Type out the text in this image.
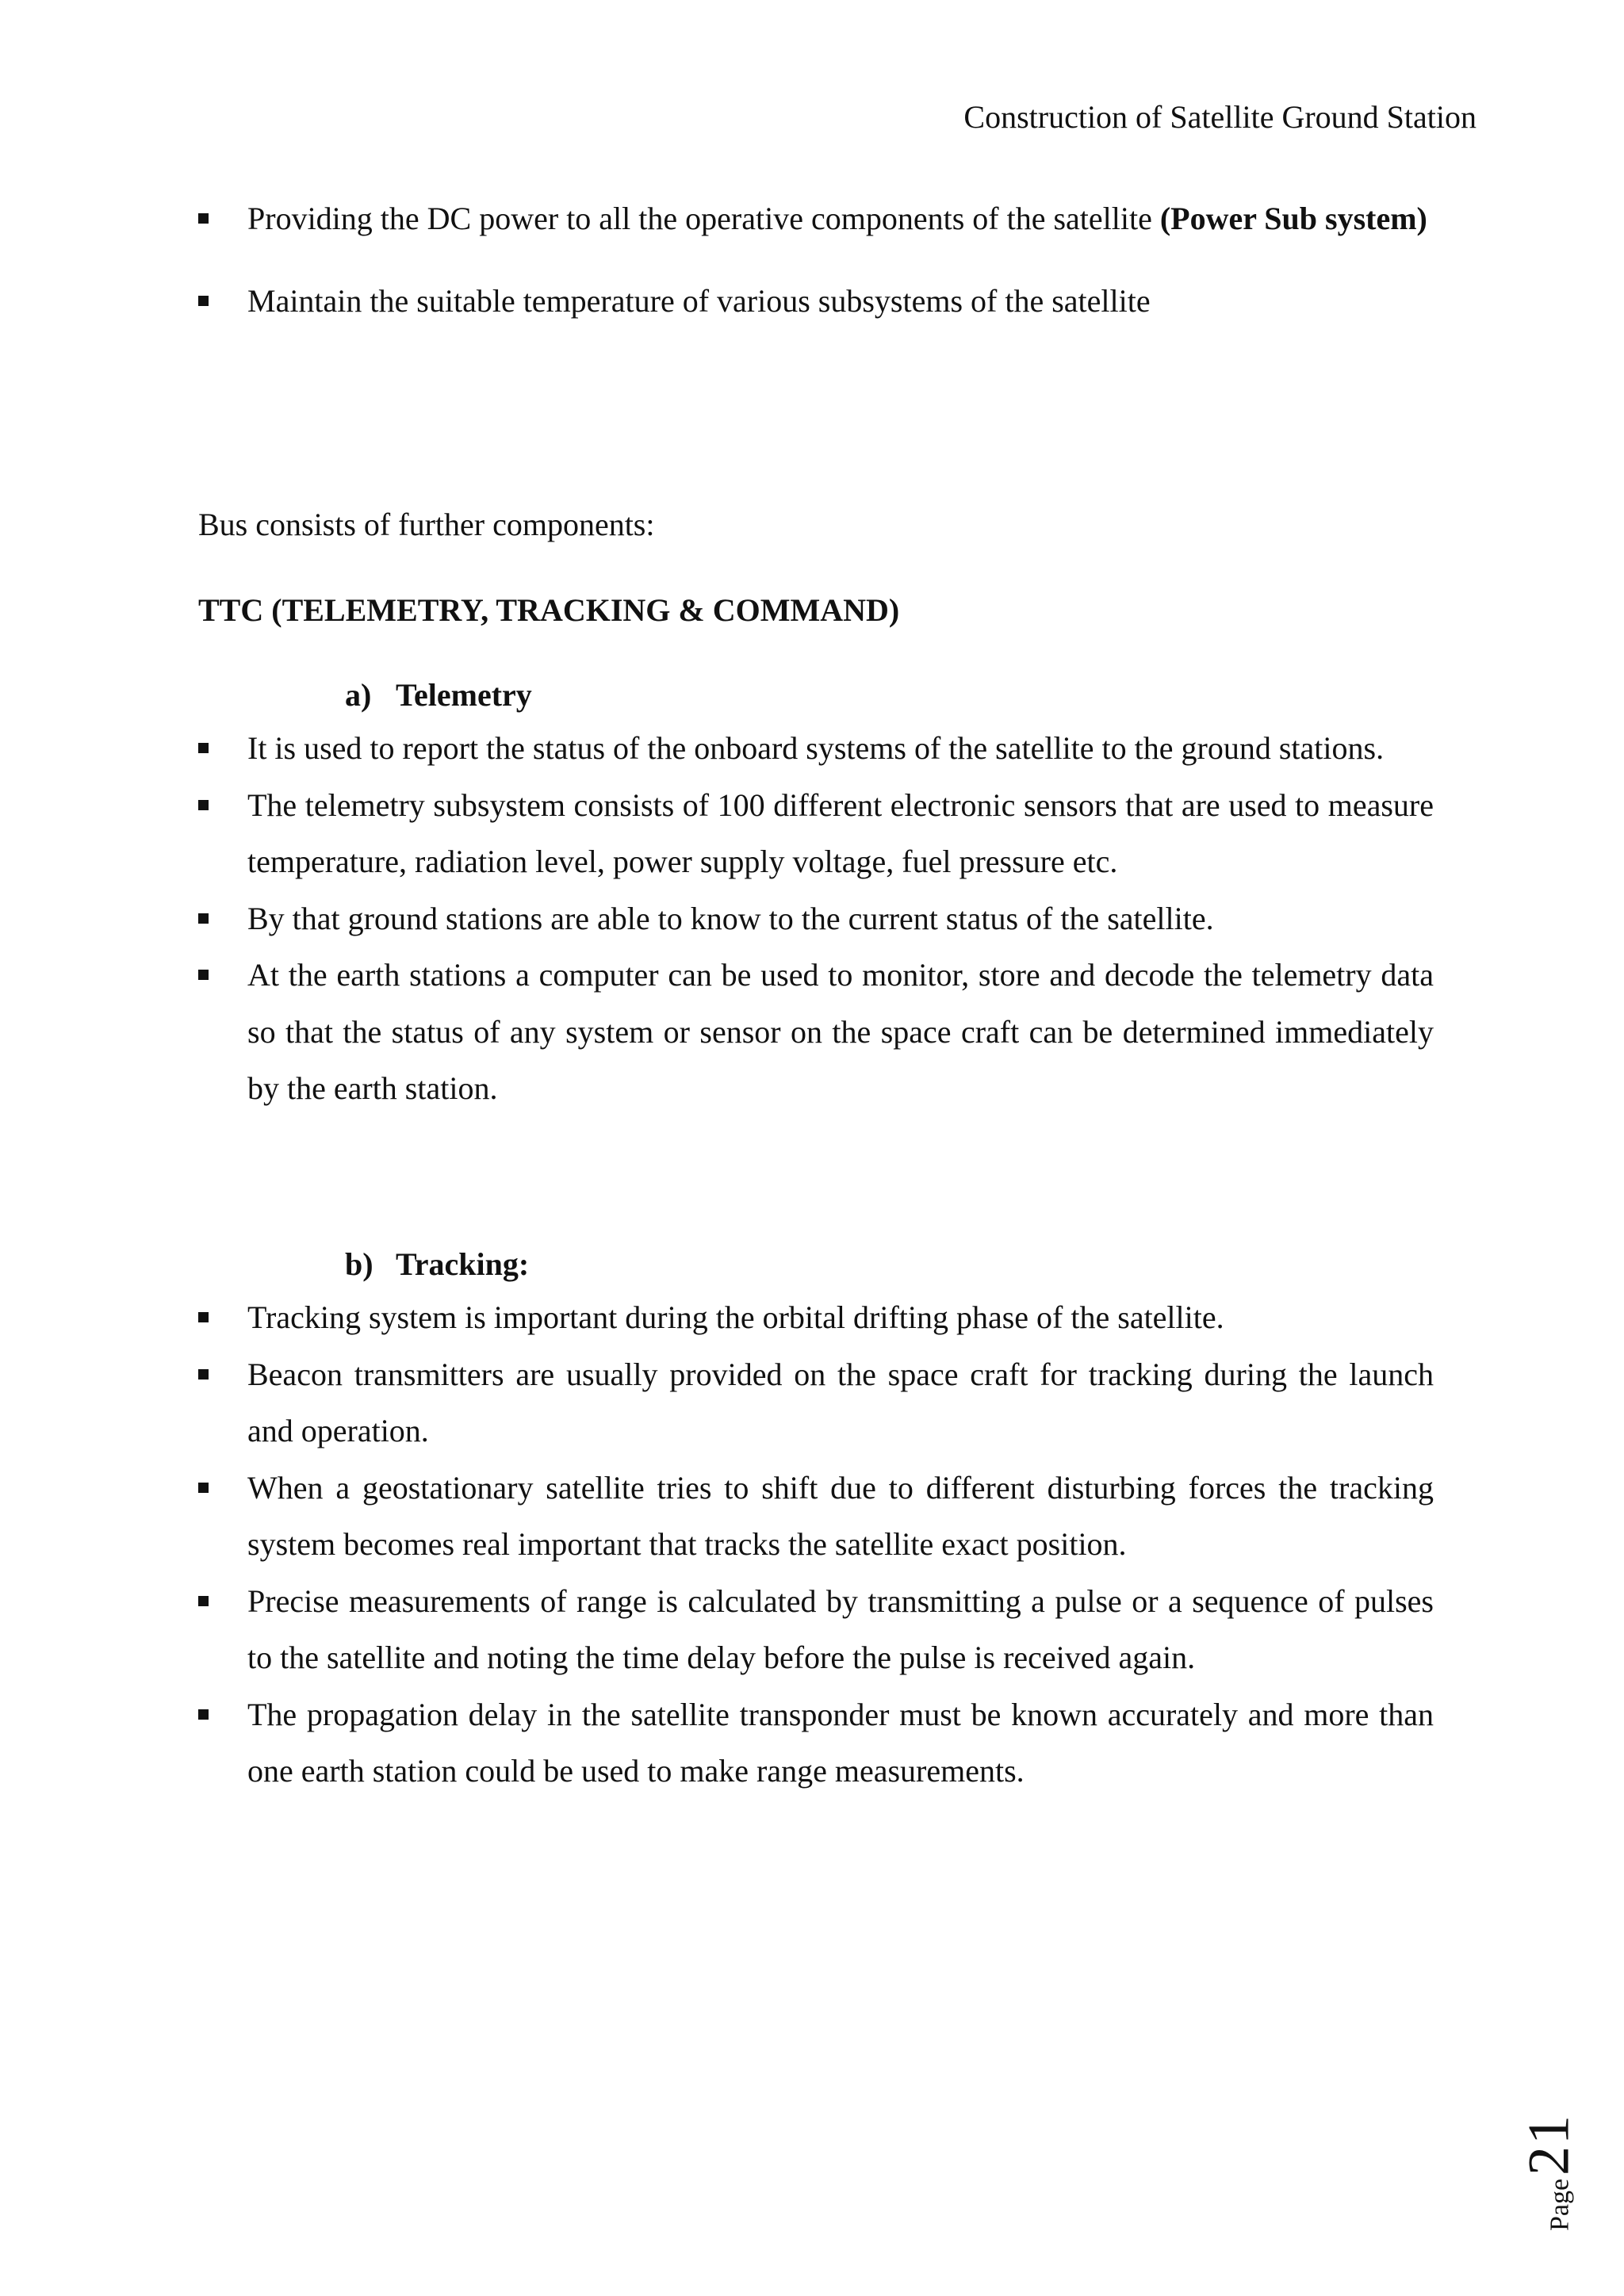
Construction of Satellite Ground Station
Providing the DC power to all the operative components of the satellite (Power Sub system)
Maintain the suitable temperature of various subsystems of the satellite
Bus consists of further components:
TTC (TELEMETRY, TRACKING & COMMAND)
a) Telemetry
It is used to report the status of the onboard systems of the satellite to the ground stations.
The telemetry subsystem consists of 100 different electronic sensors that are used to measure temperature, radiation level, power supply voltage, fuel pressure etc.
By that ground stations are able to know to the current status of the satellite.
At the earth stations a computer can be used to monitor, store and decode the telemetry data so that the status of any system or sensor on the space craft can be determined immediately by the earth station.
b) Tracking:
Tracking system is important during the orbital drifting phase of the satellite.
Beacon transmitters are usually provided on the space craft for tracking during the launch and operation.
When a geostationary satellite tries to shift due to different disturbing forces the tracking system becomes real important that tracks the satellite exact position.
Precise measurements of range is calculated by transmitting a pulse or a sequence of pulses to the satellite and noting the time delay before the pulse is received again.
The propagation delay in the satellite transponder must be known accurately and more than one earth station could be used to make range measurements.
Page
21
